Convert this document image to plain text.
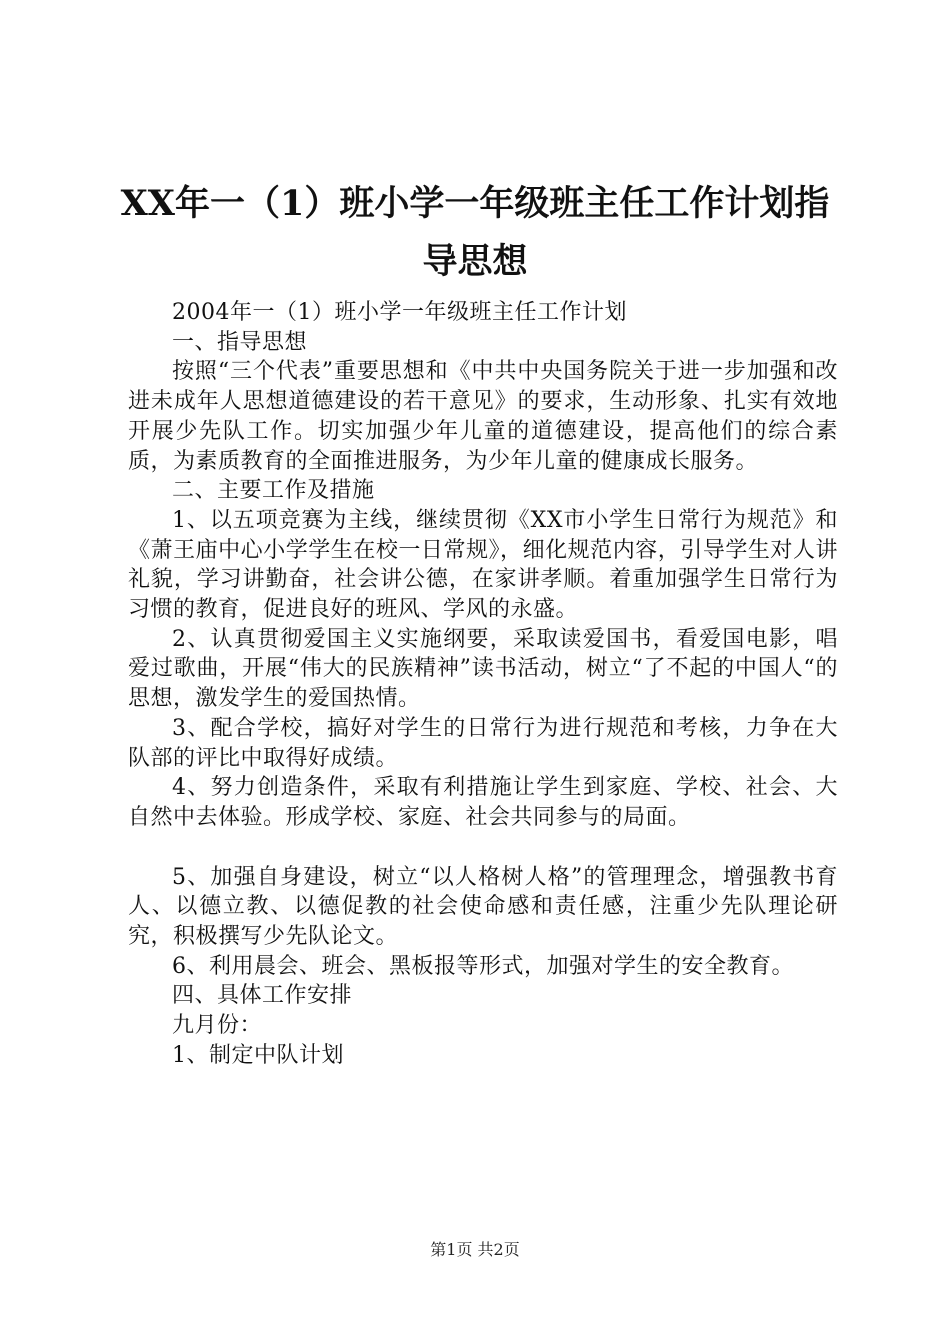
XX年一（1）班小学一年级班主任工作计划指
导思想

2004年一（1）班小学一年级班主任工作计划

一、指导思想

按照“三个代表”重要思想和《中共中央国务院关于进一步加强和改进未成年人思想道德建设的若干意见》的要求，生动形象、扎实有效地开展少先队工作。切实加强少年儿童的道德建设，提高他们的综合素质，为素质教育的全面推进服务，为少年儿童的健康成长服务。

二、主要工作及措施

1、以五项竞赛为主线，继续贯彻《XX市小学生日常行为规范》和《萧王庙中心小学学生在校一日常规》，细化规范内容，引导学生对人讲礼貌，学习讲勤奋，社会讲公德，在家讲孝顺。着重加强学生日常行为习惯的教育，促进良好的班风、学风的永盛。

2、认真贯彻爱国主义实施纲要，采取读爱国书，看爱国电影，唱爱过歌曲，开展“伟大的民族精神”读书活动，树立“了不起的中国人“的思想，激发学生的爱国热情。

3、配合学校，搞好对学生的日常行为进行规范和考核，力争在大队部的评比中取得好成绩。

4、努力创造条件，采取有利措施让学生到家庭、学校、社会、大自然中去体验。形成学校、家庭、社会共同参与的局面。

5、加强自身建设，树立“以人格树人格”的管理理念，增强教书育人、以德立教、以德促教的社会使命感和责任感，注重少先队理论研究，积极撰写少先队论文。

6、利用晨会、班会、黑板报等形式，加强对学生的安全教育。

四、具体工作安排

九月份：

1、制定中队计划

第1页 共2页
